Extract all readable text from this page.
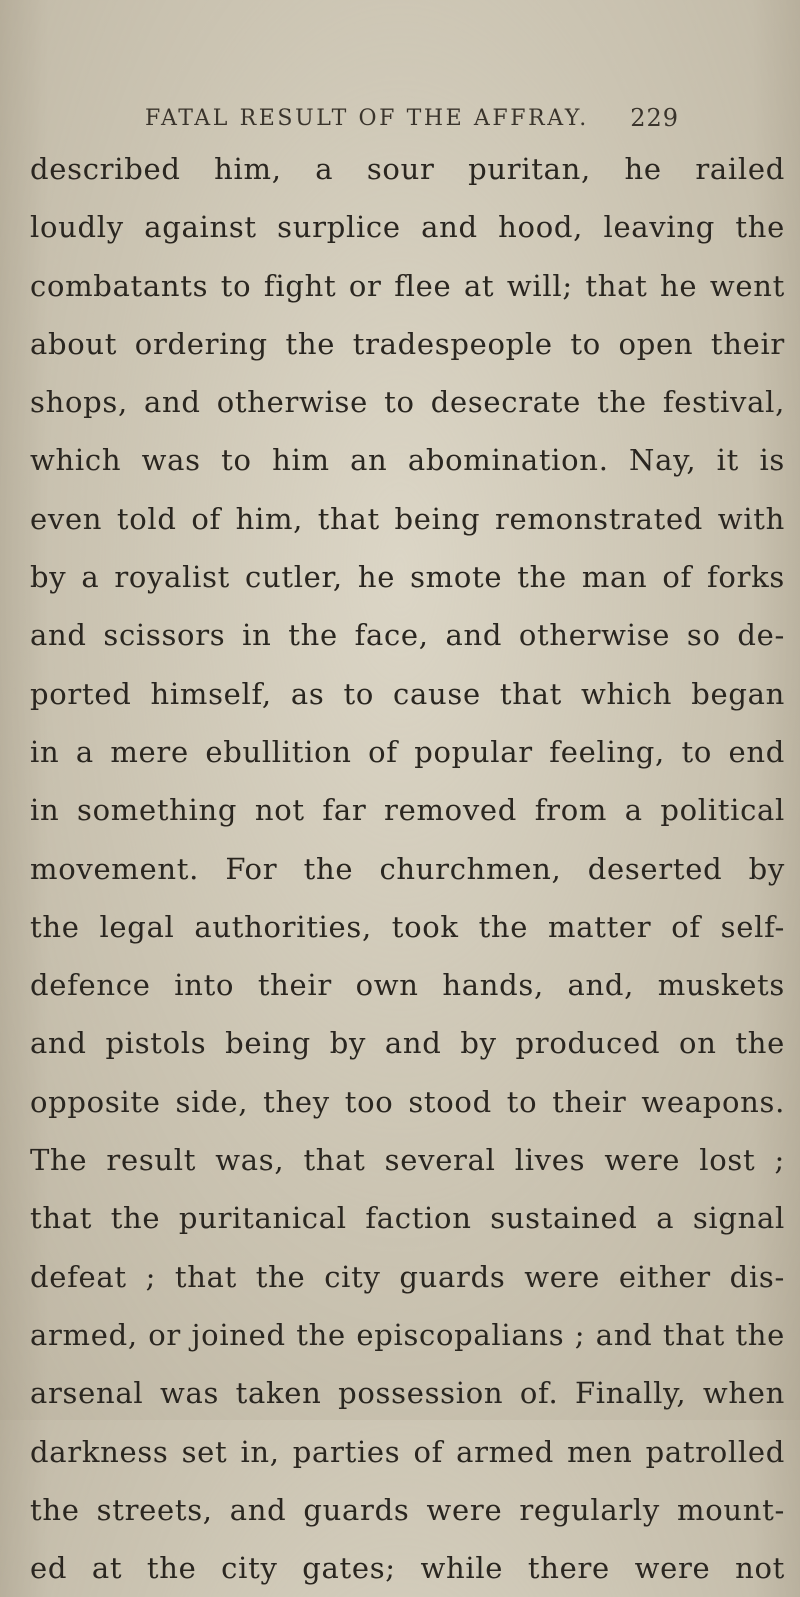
FATAL RESULT OF THE AFFRAY. 229
described him, a sour puritan, he railed
loudly against surplice and hood, leaving the
combatants to fight or flee at will; that he went
about ordering the tradespeople to open their
shops, and otherwise to desecrate the festival,
which was to him an abomination. Nay, it is
even told of him, that being remonstrated with
by a royalist cutler, he smote the man of forks
and scissors in the face, and otherwise so de-
ported himself, as to cause that which began
in a mere ebullition of popular feeling, to end
in something not far removed from a political
movement. For the churchmen, deserted by
the legal authorities, took the matter of self-
defence into their own hands, and, muskets
and pistols being by and by produced on the
opposite side, they too stood to their weapons.
The result was, that several lives were lost ;
that the puritanical faction sustained a signal
defeat ; that the city guards were either dis-
armed, or joined the episcopalians ; and that the
arsenal was taken possession of. Finally, when
darkness set in, parties of armed men patrolled
the streets, and guards were regularly mount-
ed at the city gates; while there were not
